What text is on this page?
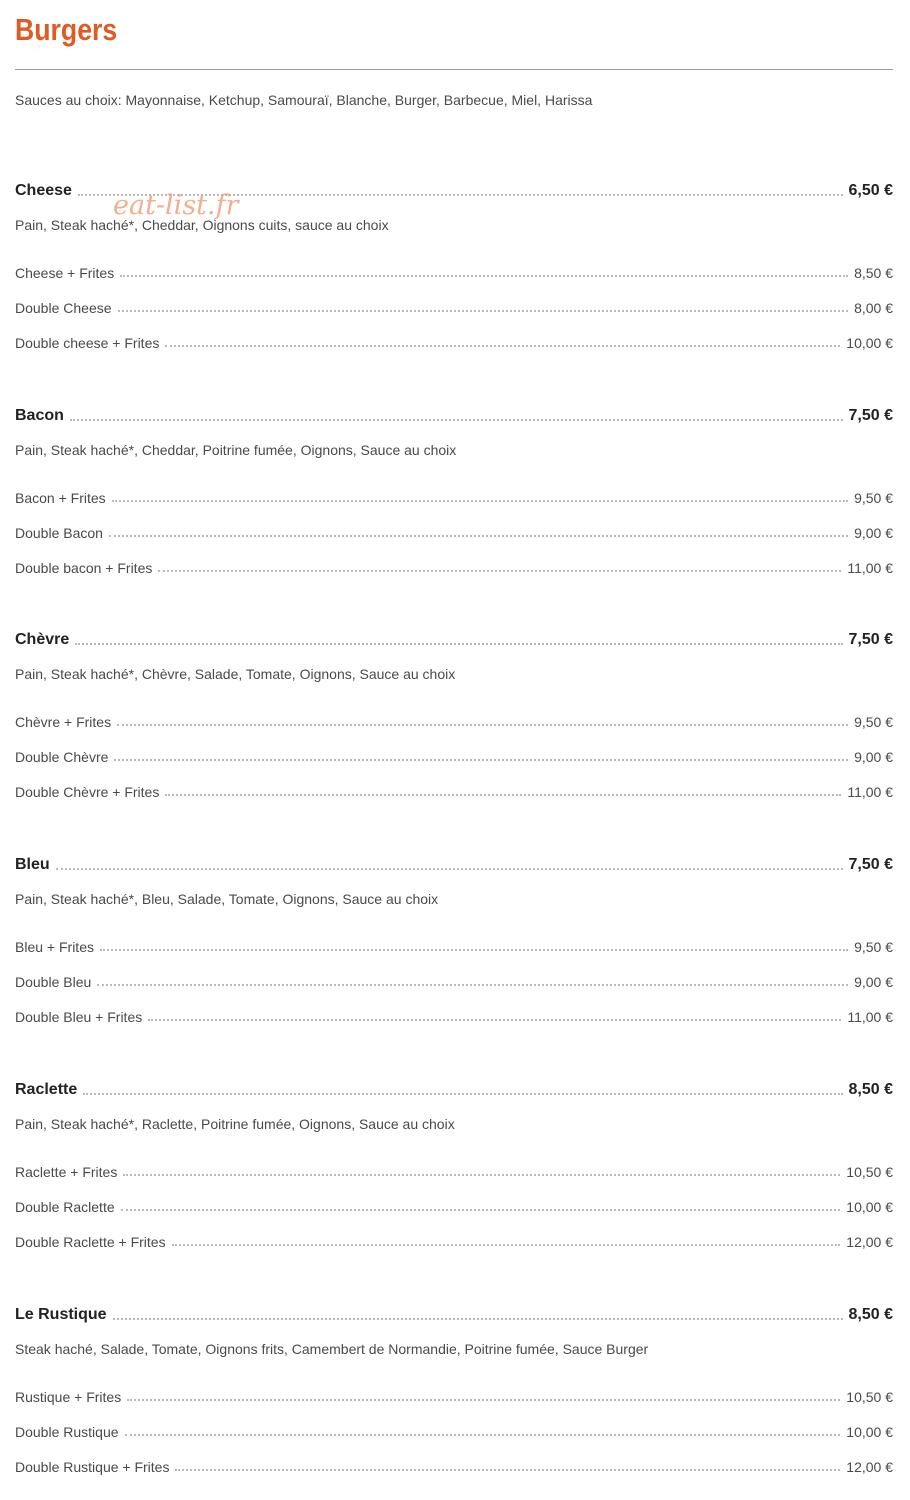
Burgers
Sauces au choix: Mayonnaise, Ketchup, Samouraï, Blanche, Burger, Barbecue, Miel, Harissa
Cheese	6,50 €
Pain, Steak haché*, Cheddar, Oignons cuits, sauce au choix
Cheese + Frites	8,50 €
Double Cheese	8,00 €
Double cheese + Frites	10,00 €
Bacon	7,50 €
Pain, Steak haché*, Cheddar, Poitrine fumée, Oignons, Sauce au choix
Bacon + Frites	9,50 €
Double Bacon	9,00 €
Double bacon + Frites	11,00 €
Chèvre	7,50 €
Pain, Steak haché*, Chèvre, Salade, Tomate, Oignons, Sauce au choix
Chèvre + Frites	9,50 €
Double Chèvre	9,00 €
Double Chèvre + Frites	11,00 €
Bleu	7,50 €
Pain, Steak haché*, Bleu, Salade, Tomate, Oignons, Sauce au choix
Bleu + Frites	9,50 €
Double Bleu	9,00 €
Double Bleu + Frites	11,00 €
Raclette	8,50 €
Pain, Steak haché*, Raclette, Poitrine fumée, Oignons, Sauce au choix
Raclette + Frites	10,50 €
Double Raclette	10,00 €
Double Raclette + Frites	12,00 €
Le Rustique	8,50 €
Steak haché, Salade, Tomate, Oignons frits, Camembert de Normandie, Poitrine fumée, Sauce Burger
Rustique + Frites	10,50 €
Double Rustique	10,00 €
Double Rustique + Frites	12,00 €
eat-list.fr
